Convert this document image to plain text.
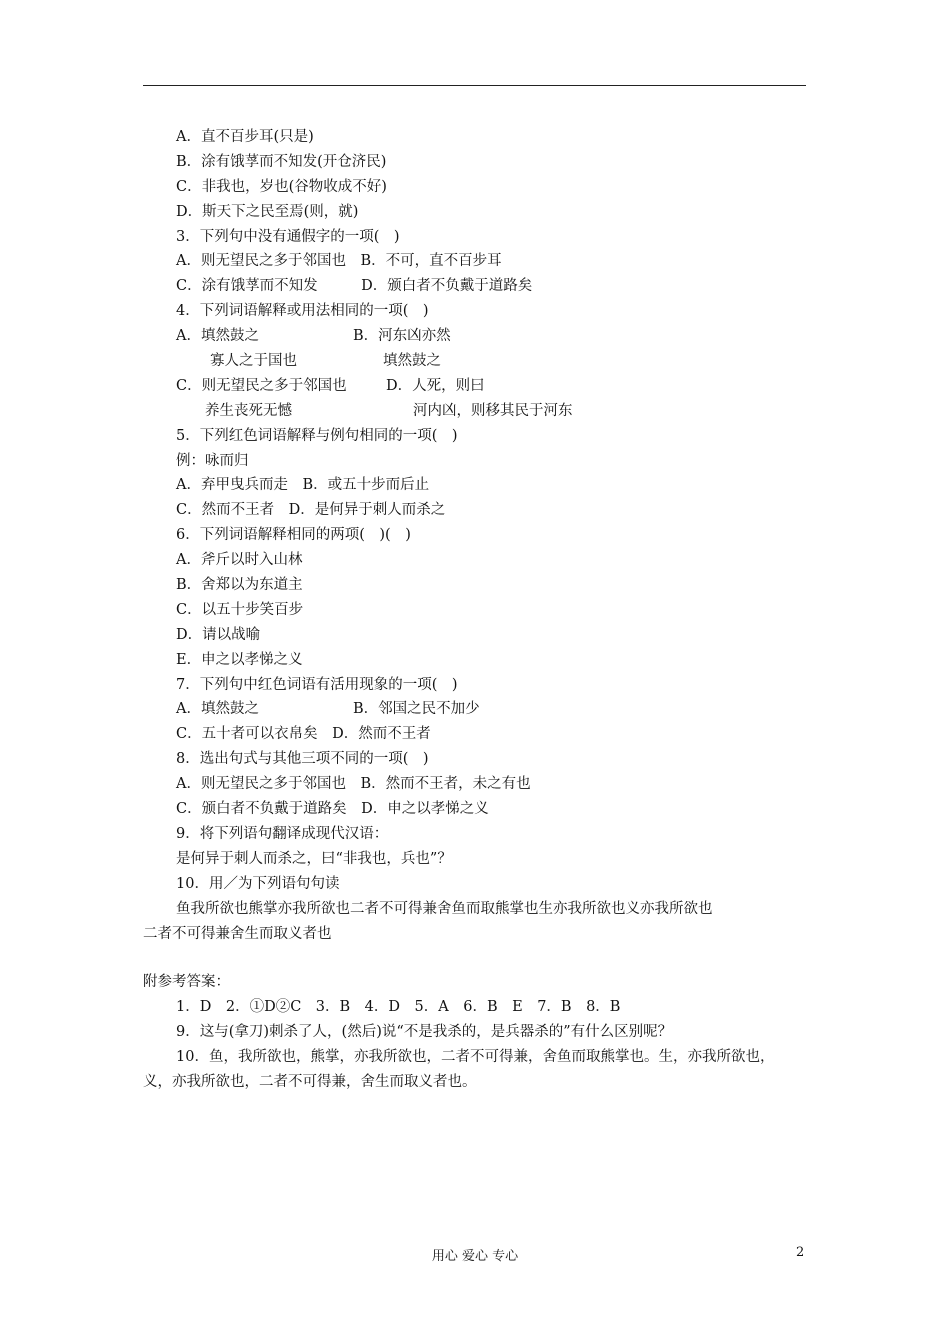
A．直不百步耳(只是)
B．涂有饿莩而不知发(开仓济民)
C．非我也，岁也(谷物收成不好)
D．斯天下之民至焉(则，就)
3．下列句中没有通假字的一项(　)
A．则无望民之多于邻国也　B．不可，直不百步耳
C．涂有饿莩而不知发　　　D．颁白者不负戴于道路矣
4．下列词语解释或用法相同的一项(　)
A．填然鼓之	B．河东凶亦然
寡人之于国也	填然鼓之
C．则无望民之多于邻国也	D．人死，则曰
养生丧死无憾	河内凶，则移其民于河东
5．下列红色词语解释与例句相同的一项(　)
例：咏而归
A．弃甲曳兵而走　B．或五十步而后止
C．然而不王者　D．是何异于刺人而杀之
6．下列词语解释相同的两项(　)(　)
A．斧斤以时入山林
B．舍郑以为东道主
C．以五十步笑百步
D．请以战喻
E．申之以孝悌之义
7．下列句中红色词语有活用现象的一项(　)
A．填然鼓之	B．邻国之民不加少
C．五十者可以衣帛矣　D．然而不王者
8．选出句式与其他三项不同的一项(　)
A．则无望民之多于邻国也　B．然而不王者，未之有也
C．颁白者不负戴于道路矣　D．申之以孝悌之义
9．将下列语句翻译成现代汉语：
是何异于刺人而杀之，曰“非我也，兵也”？
10．用／为下列语句句读
鱼我所欲也熊掌亦我所欲也二者不可得兼舍鱼而取熊掌也生亦我所欲也义亦我所欲也
二者不可得兼舍生而取义者也
附参考答案：
1．D　2．①D②C　3．B　4．D　5．A　6．B　E　7．B　8．B
9．这与(拿刀)刺杀了人，(然后)说“不是我杀的，是兵器杀的”有什么区别呢？
10．鱼，我所欲也，熊掌，亦我所欲也，二者不可得兼，舍鱼而取熊掌也。生，亦我所欲也，
义，亦我所欲也，二者不可得兼，舍生而取义者也。
用心 爱心 专心	2
